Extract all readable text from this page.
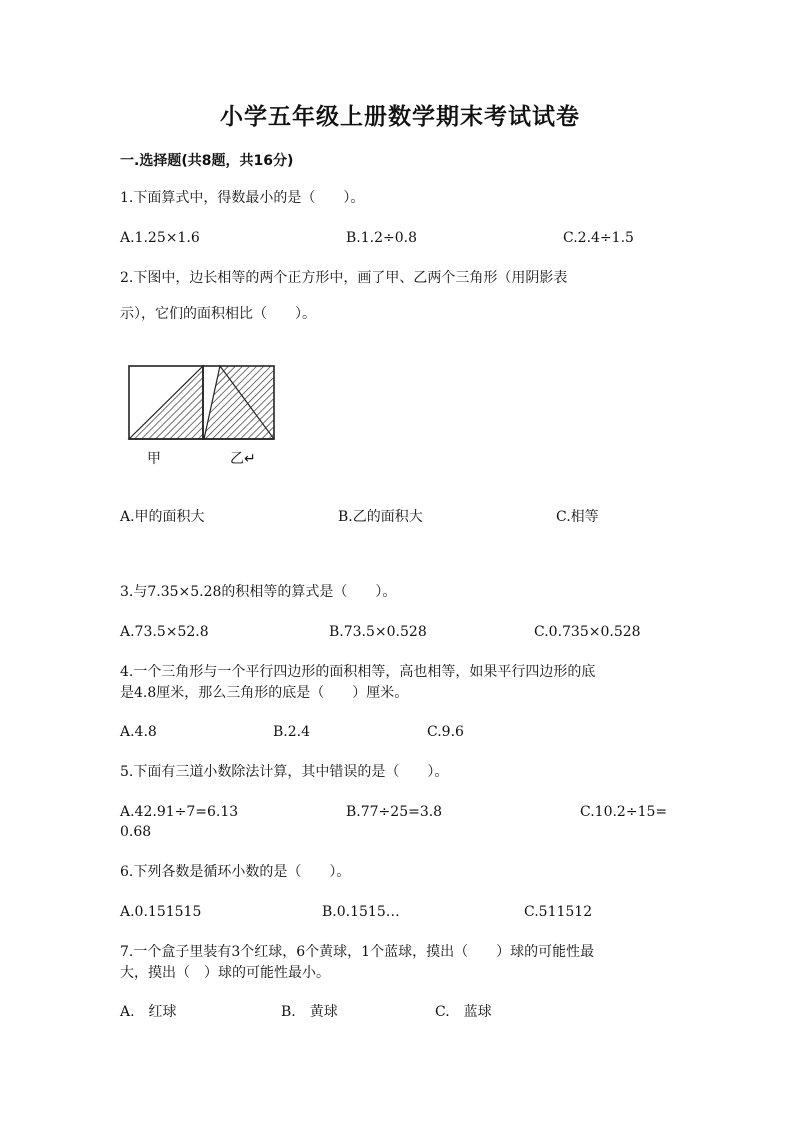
小学五年级上册数学期末考试试卷
一.选择题(共8题，共16分)
1.下面算式中，得数最小的是（　　）。
A.1.25×1.6	B.1.2÷0.8	C.2.4÷1.5
2.下图中，边长相等的两个正方形中，画了甲、乙两个三角形（用阴影表
示），它们的面积相比（　　）。
甲	乙↵
A.甲的面积大	B.乙的面积大	C.相等
3.与7.35×5.28的积相等的算式是（　　）。
A.73.5×52.8	B.73.5×0.528	C.0.735×0.528
4.一个三角形与一个平行四边形的面积相等，高也相等，如果平行四边形的底
是4.8厘米，那么三角形的底是（　　）厘米。
A.4.8	B.2.4	C.9.6
5.下面有三道小数除法计算，其中错误的是（　　）。
A.42.91÷7=6.13	B.77÷25=3.8	C.10.2÷15=
0.68
6.下列各数是循环小数的是（　　）。
A.0.151515	B.0.1515…	C.511512
7.一个盒子里装有3个红球，6个黄球，1个蓝球，摸出（　　）球的可能性最
大，摸出（　）球的可能性最小。
A.　红球	B.　黄球	C.　蓝球
